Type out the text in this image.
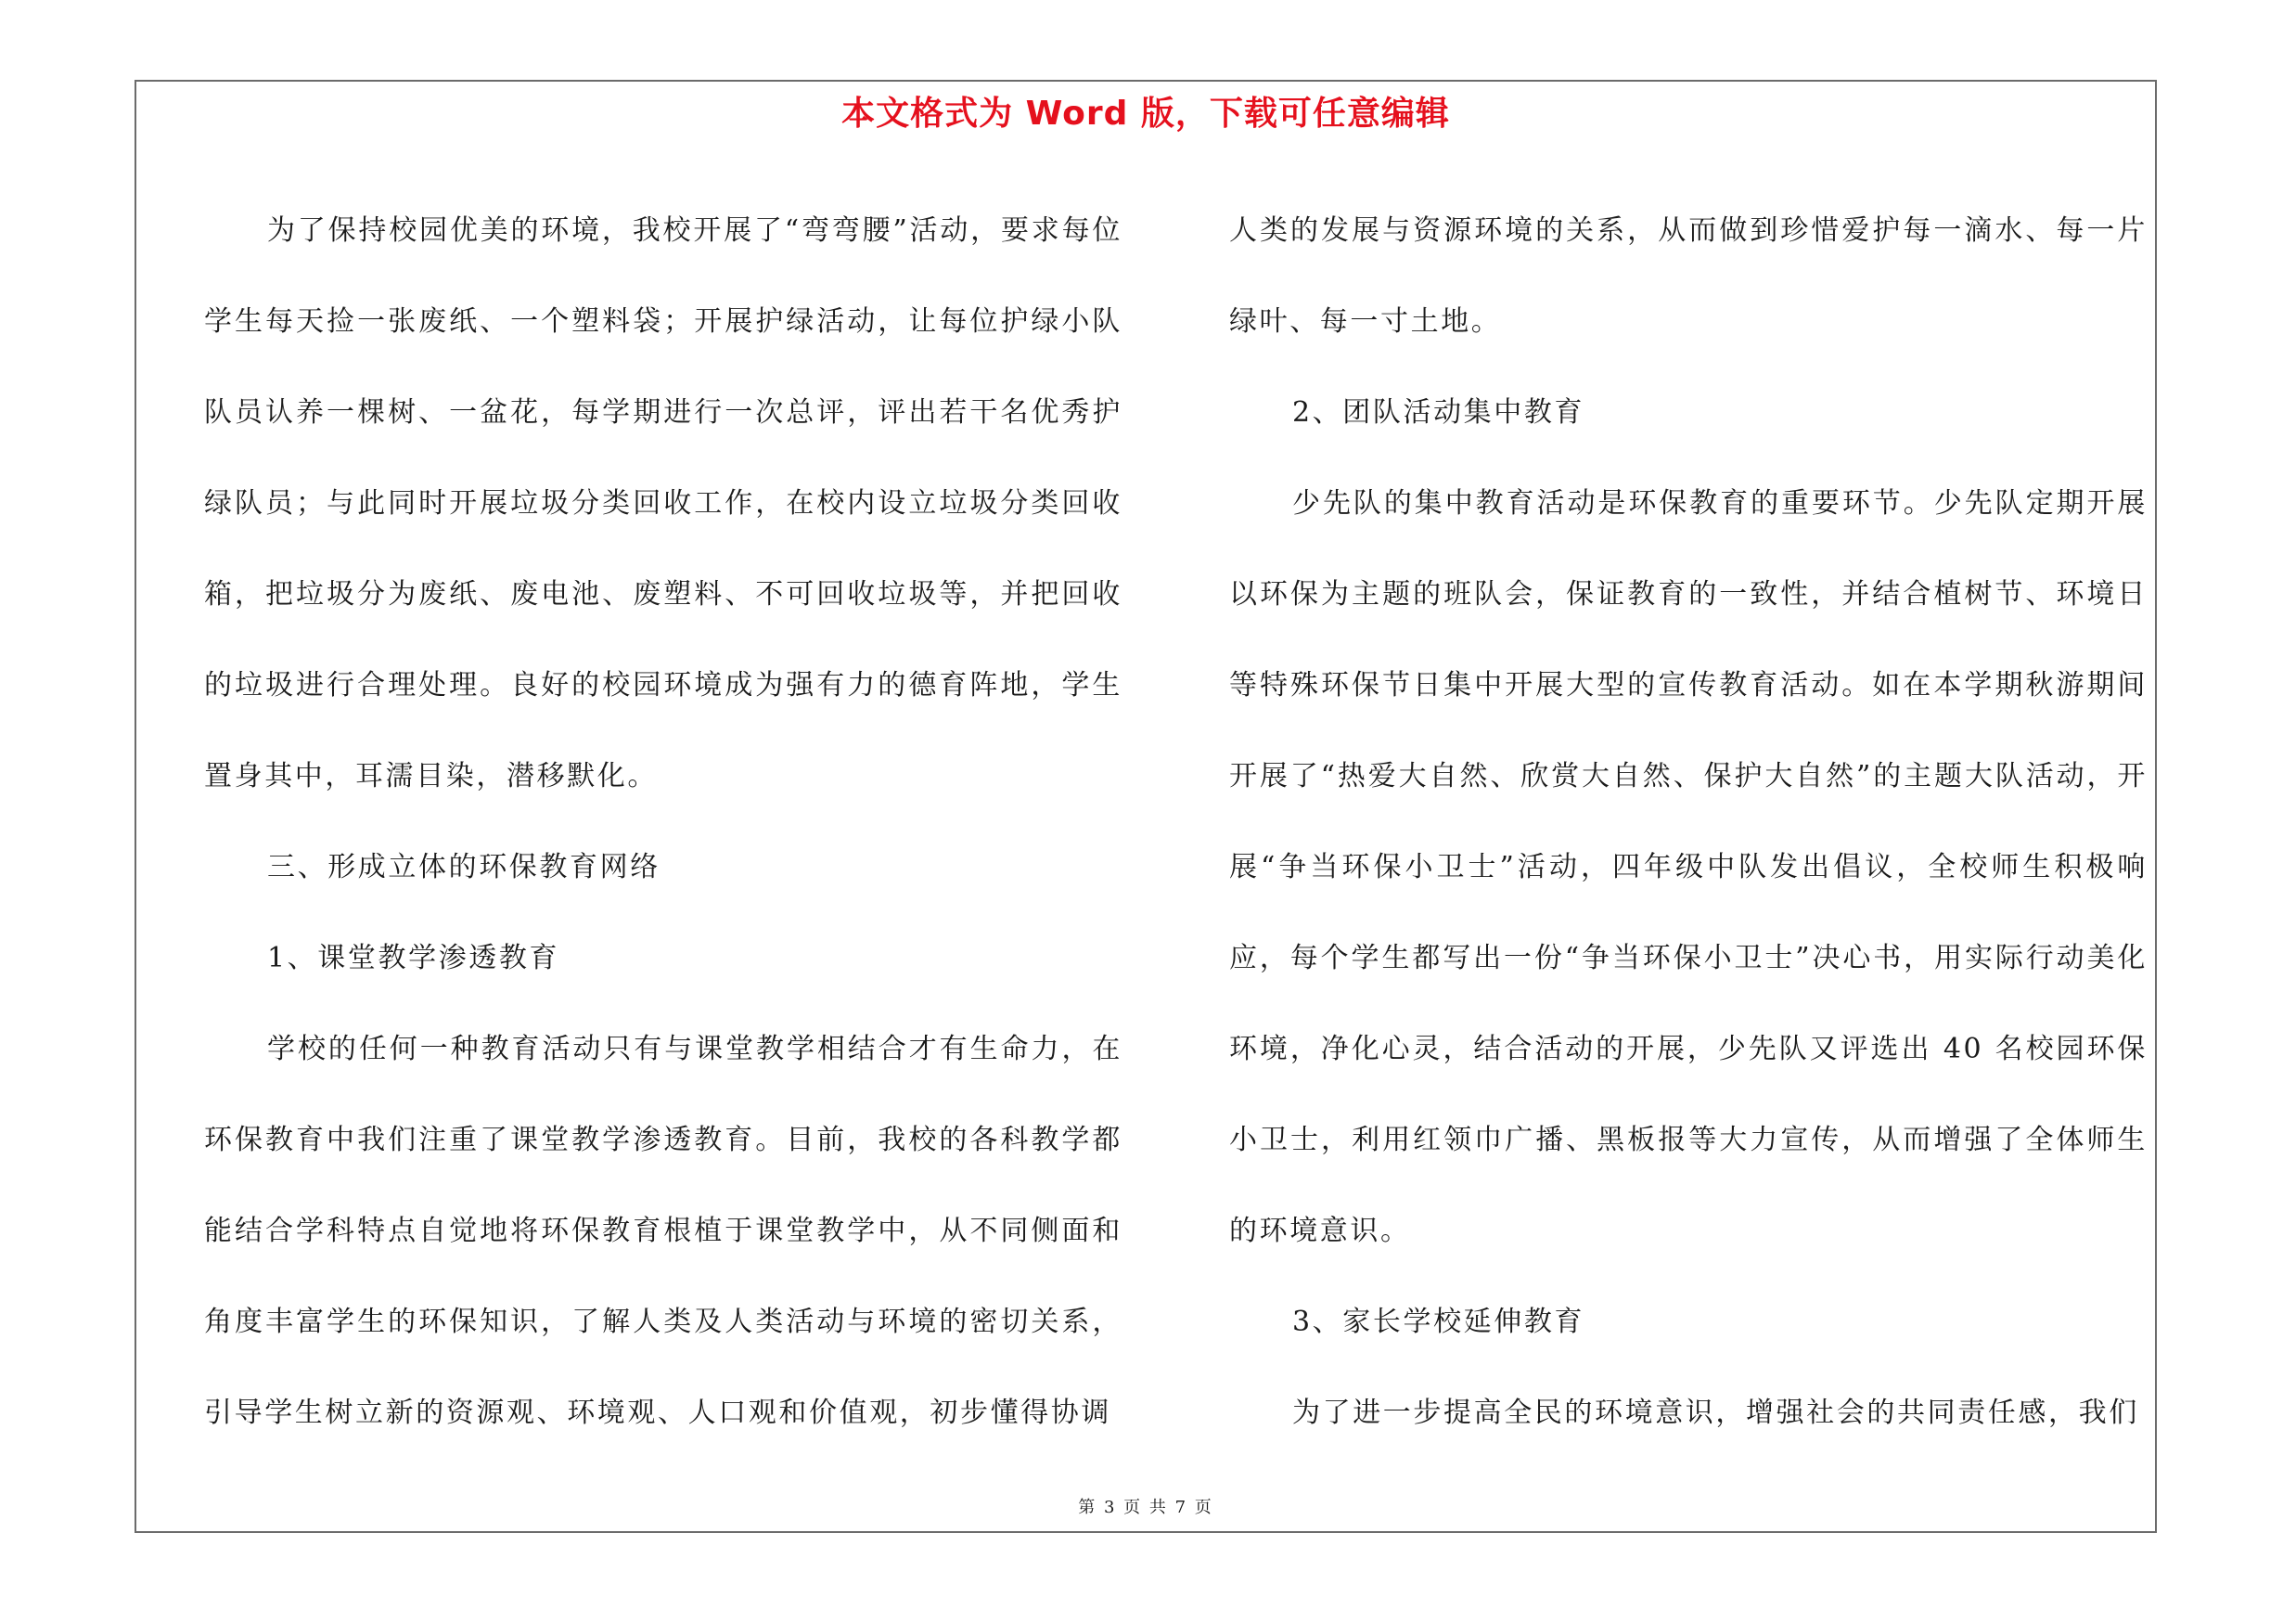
本文格式为 Word 版，下载可任意编辑

为了保持校园优美的环境，我校开展了“弯弯腰”活动，要求每位学生每天捡一张废纸、一个塑料袋；开展护绿活动，让每位护绿小队队员认养一棵树、一盆花，每学期进行一次总评，评出若干名优秀护绿队员；与此同时开展垃圾分类回收工作，在校内设立垃圾分类回收箱，把垃圾分为废纸、废电池、废塑料、不可回收垃圾等，并把回收的垃圾进行合理处理。良好的校园环境成为强有力的德育阵地，学生置身其中，耳濡目染，潜移默化。

三、形成立体的环保教育网络

1、课堂教学渗透教育

学校的任何一种教育活动只有与课堂教学相结合才有生命力，在环保教育中我们注重了课堂教学渗透教育。目前，我校的各科教学都能结合学科特点自觉地将环保教育根植于课堂教学中，从不同侧面和角度丰富学生的环保知识，了解人类及人类活动与环境的密切关系，引导学生树立新的资源观、环境观、人口观和价值观，初步懂得协调

人类的发展与资源环境的关系，从而做到珍惜爱护每一滴水、每一片绿叶、每一寸土地。

2、团队活动集中教育

少先队的集中教育活动是环保教育的重要环节。少先队定期开展以环保为主题的班队会，保证教育的一致性，并结合植树节、环境日等特殊环保节日集中开展大型的宣传教育活动。如在本学期秋游期间开展了“热爱大自然、欣赏大自然、保护大自然”的主题大队活动，开展“争当环保小卫士”活动，四年级中队发出倡议，全校师生积极响应，每个学生都写出一份“争当环保小卫士”决心书，用实际行动美化环境，净化心灵，结合活动的开展，少先队又评选出 40 名校园环保小卫士，利用红领巾广播、黑板报等大力宣传，从而增强了全体师生的环境意识。

3、家长学校延伸教育

为了进一步提高全民的环境意识，增强社会的共同责任感，我们

第 3 页 共 7 页
